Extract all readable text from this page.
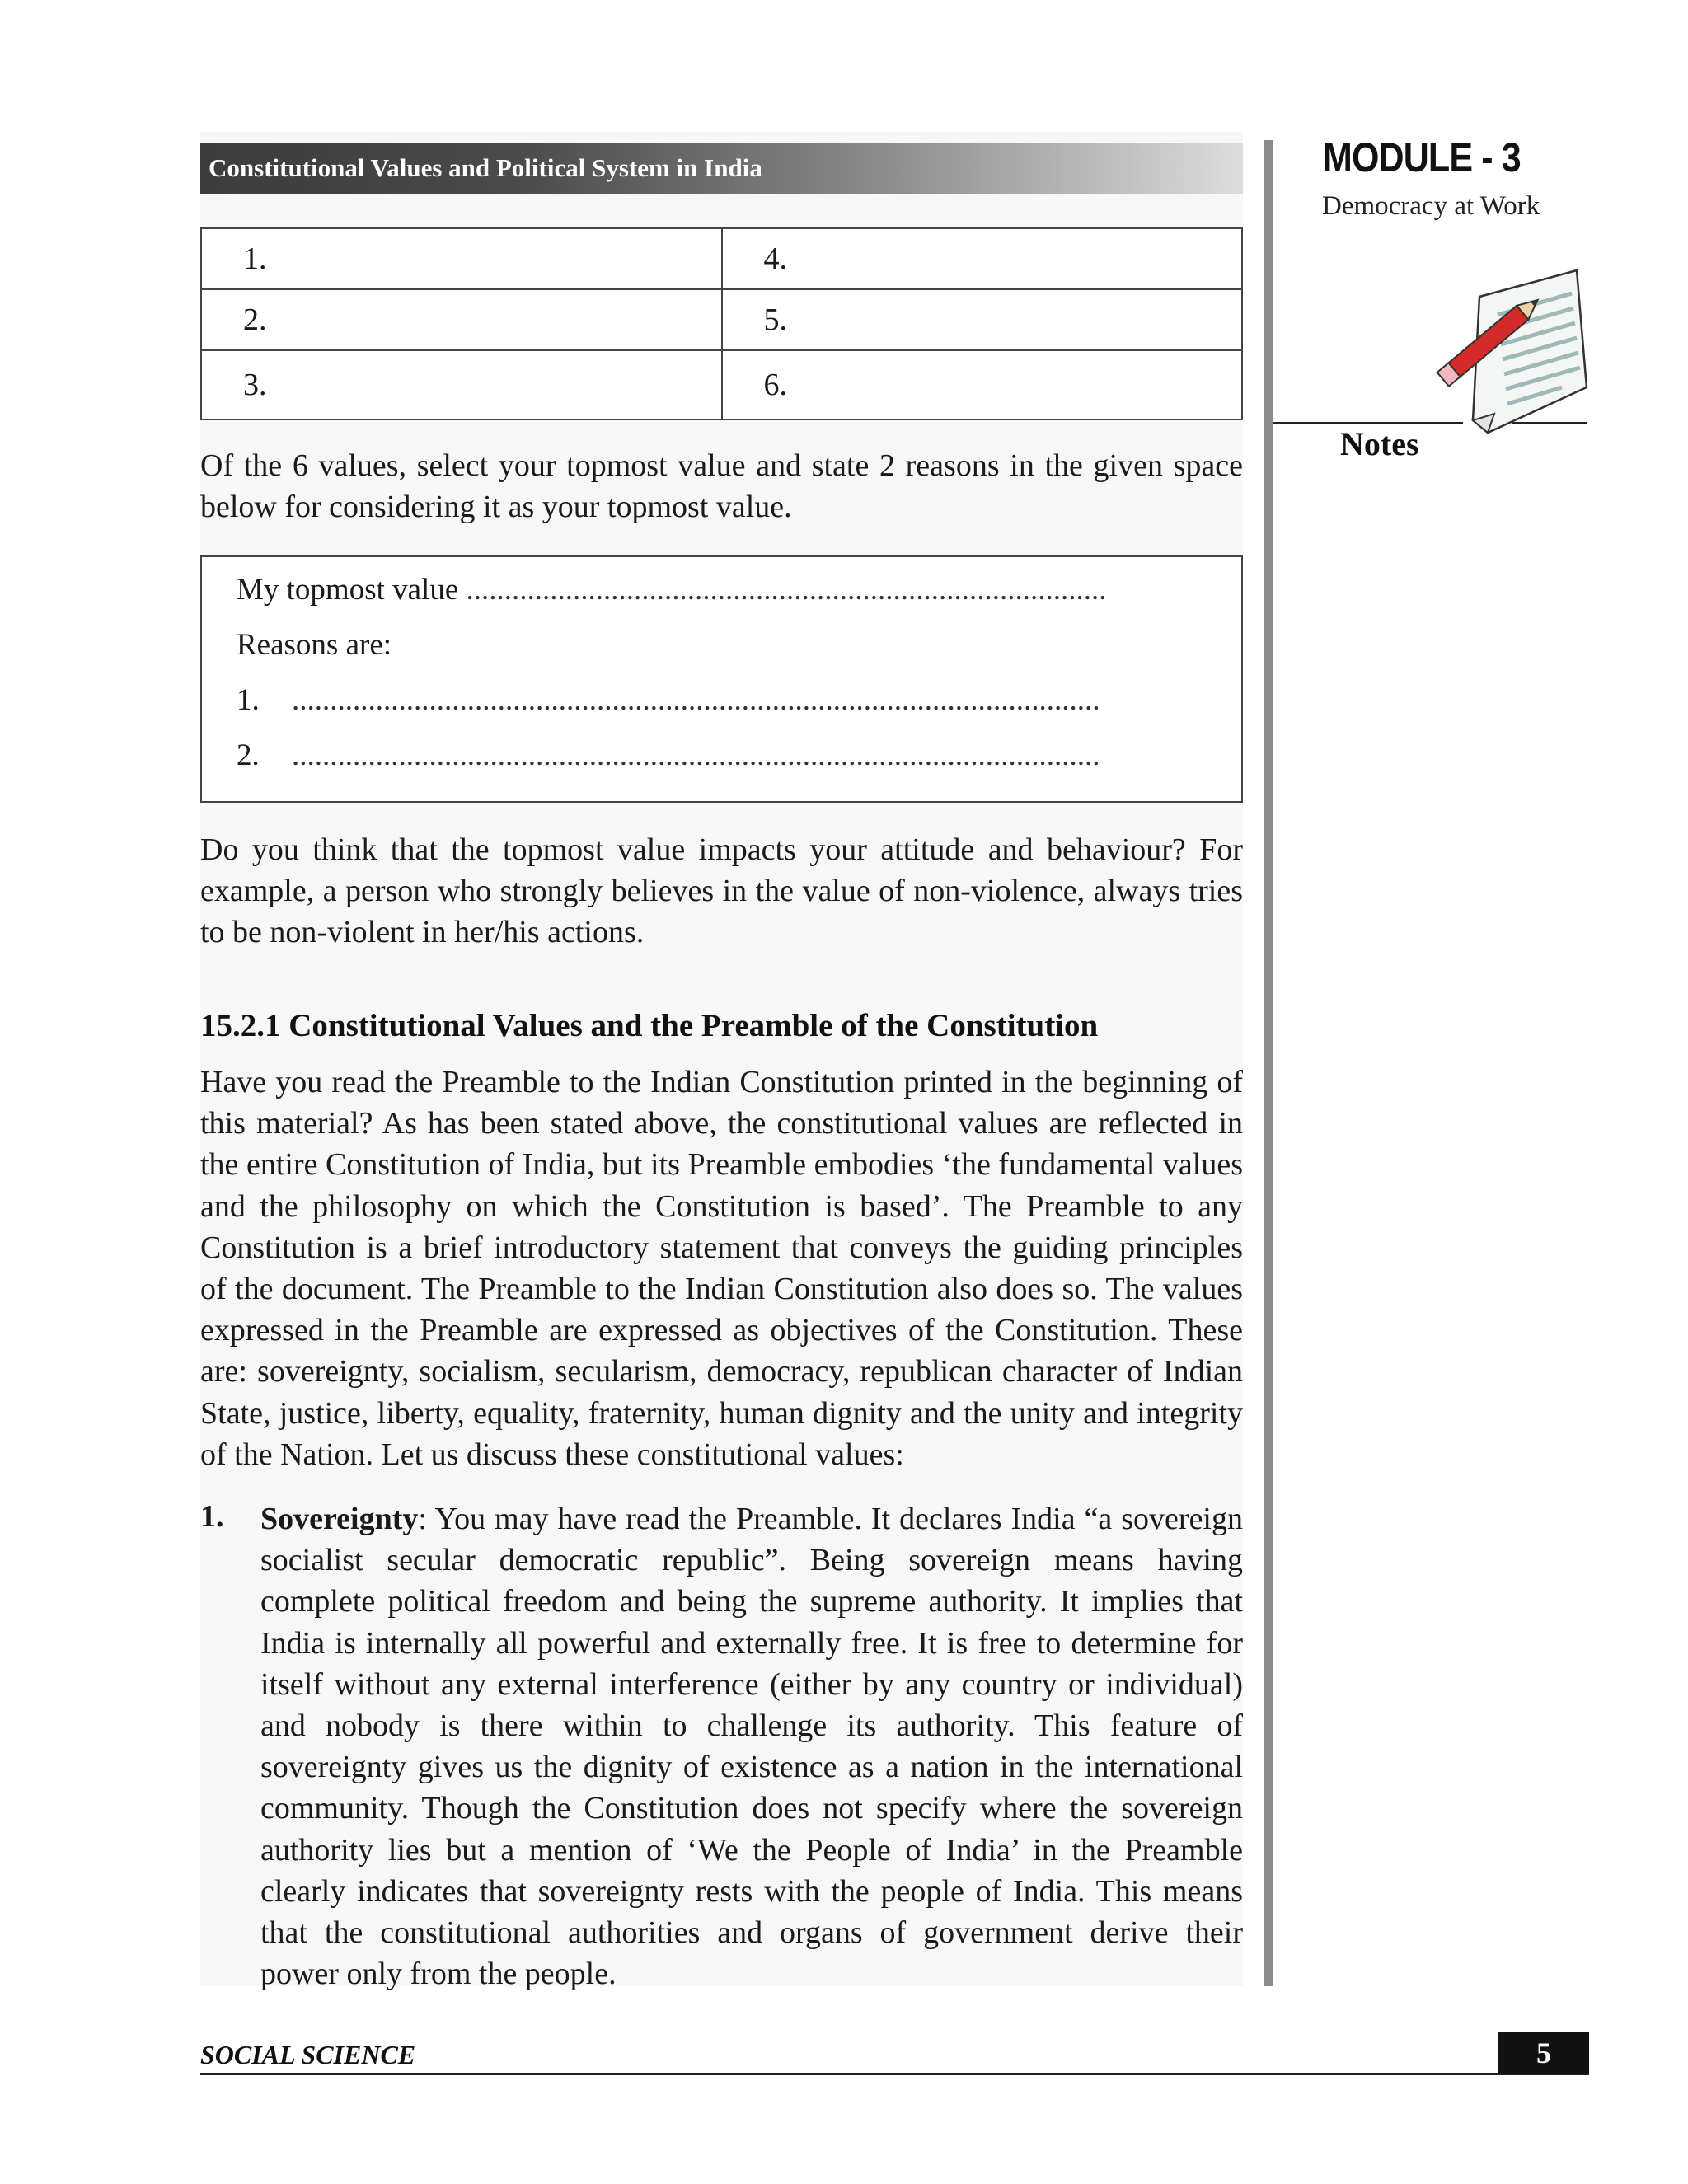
Constitutional Values and Political System in India	MODULE - 3
Democracy at Work
Notes
1.	4.
2.	5.
3.	6.

Of the 6 values, select your topmost value and state 2 reasons in the given space below for considering it as your topmost value.

My topmost value ....................................................................................
Reasons are:
1. ..........................................................................................................
2. ..........................................................................................................

Do you think that the topmost value impacts your attitude and behaviour? For example, a person who strongly believes in the value of non-violence, always tries to be non-violent in her/his actions.

15.2.1 Constitutional Values and the Preamble of the Constitution

Have you read the Preamble to the Indian Constitution printed in the beginning of this material? As has been stated above, the constitutional values are reflected in the entire Constitution of India, but its Preamble embodies ‘the fundamental values and the philosophy on which the Constitution is based’. The Preamble to any Constitution is a brief introductory statement that conveys the guiding principles of the document. The Preamble to the Indian Constitution also does so. The values expressed in the Preamble are expressed as objectives of the Constitution. These are: sovereignty, socialism, secularism, democracy, republican character of Indian State, justice, liberty, equality, fraternity, human dignity and the unity and integrity of the Nation. Let us discuss these constitutional values:

1. Sovereignty: You may have read the Preamble. It declares India “a sovereign socialist secular democratic republic”. Being sovereign means having complete political freedom and being the supreme authority. It implies that India is internally all powerful and externally free. It is free to determine for itself without any external interference (either by any country or individual) and nobody is there within to challenge its authority. This feature of sovereignty gives us the dignity of existence as a nation in the international community. Though the Constitution does not specify where the sovereign authority lies but a mention of ‘We the People of India’ in the Preamble clearly indicates that sovereignty rests with the people of India. This means that the constitutional authorities and organs of government derive their power only from the people.

SOCIAL SCIENCE	5
